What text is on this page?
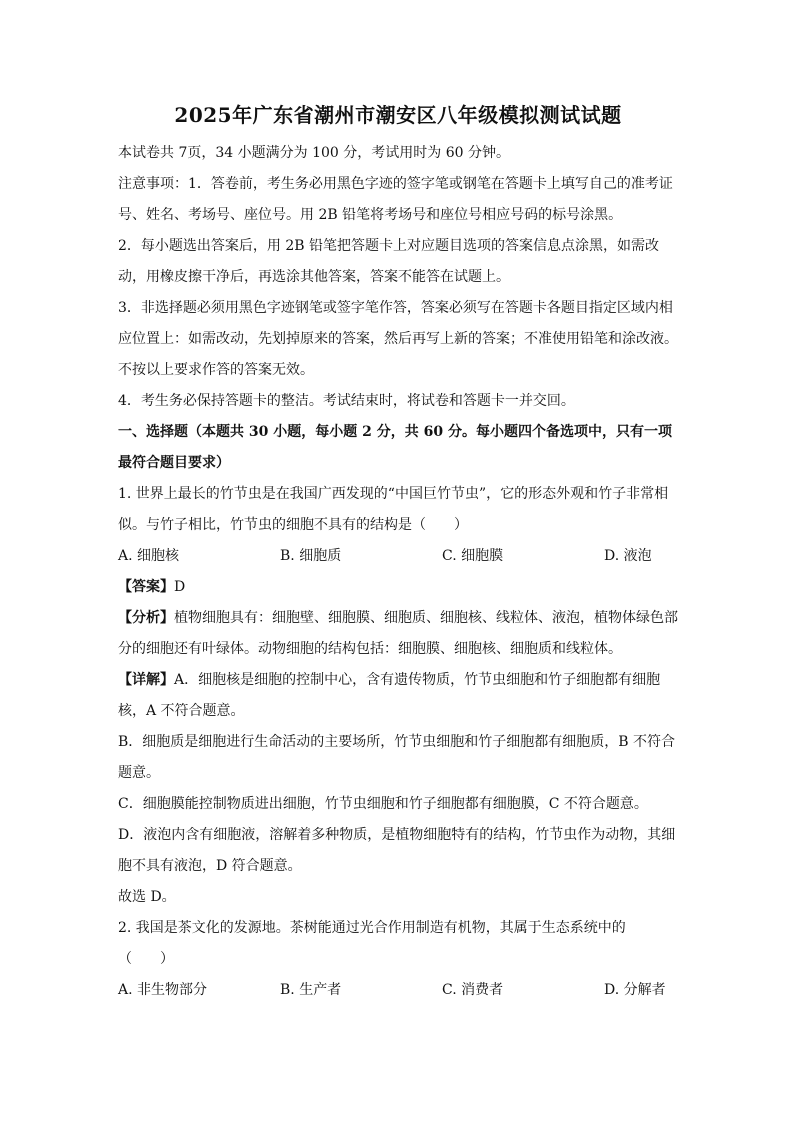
2025年广东省潮州市潮安区八年级模拟测试试题

本试卷共 7页，34 小题满分为 100 分，考试用时为 60 分钟。

注意事项：1．答卷前，考生务必用黑色字迹的签字笔或钢笔在答题卡上填写自己的准考证号、姓名、考场号、座位号。用 2B 铅笔将考场号和座位号相应号码的标号涂黑。

2．每小题选出答案后，用 2B 铅笔把答题卡上对应题目选项的答案信息点涂黑，如需改动，用橡皮擦干净后，再选涂其他答案，答案不能答在试题上。

3．非选择题必须用黑色字迹钢笔或签字笔作答，答案必须写在答题卡各题目指定区域内相应位置上：如需改动，先划掉原来的答案，然后再写上新的答案；不准使用铅笔和涂改液。不按以上要求作答的答案无效。

4．考生务必保持答题卡的整洁。考试结束时，将试卷和答题卡一并交回。

一、选择题（本题共 30 小题，每小题 2 分，共 60 分。每小题四个备选项中，只有一项最符合题目要求）

1. 世界上最长的竹节虫是在我国广西发现的“中国巨竹节虫”，它的形态外观和竹子非常相似。与竹子相比，竹节虫的细胞不具有的结构是（　　）

A. 细胞核	B. 细胞质	C. 细胞膜	D. 液泡

【答案】D

【分析】植物细胞具有：细胞壁、细胞膜、细胞质、细胞核、线粒体、液泡，植物体绿色部分的细胞还有叶绿体。动物细胞的结构包括：细胞膜、细胞核、细胞质和线粒体。

【详解】A．细胞核是细胞的控制中心，含有遗传物质，竹节虫细胞和竹子细胞都有细胞核，A 不符合题意。

B．细胞质是细胞进行生命活动的主要场所，竹节虫细胞和竹子细胞都有细胞质，B 不符合题意。

C．细胞膜能控制物质进出细胞，竹节虫细胞和竹子细胞都有细胞膜，C 不符合题意。

D．液泡内含有细胞液，溶解着多种物质，是植物细胞特有的结构，竹节虫作为动物，其细胞不具有液泡，D 符合题意。

故选 D。

2. 我国是茶文化的发源地。茶树能通过光合作用制造有机物，其属于生态系统中的

（　　）

A. 非生物部分	B. 生产者	C. 消费者	D. 分解者
